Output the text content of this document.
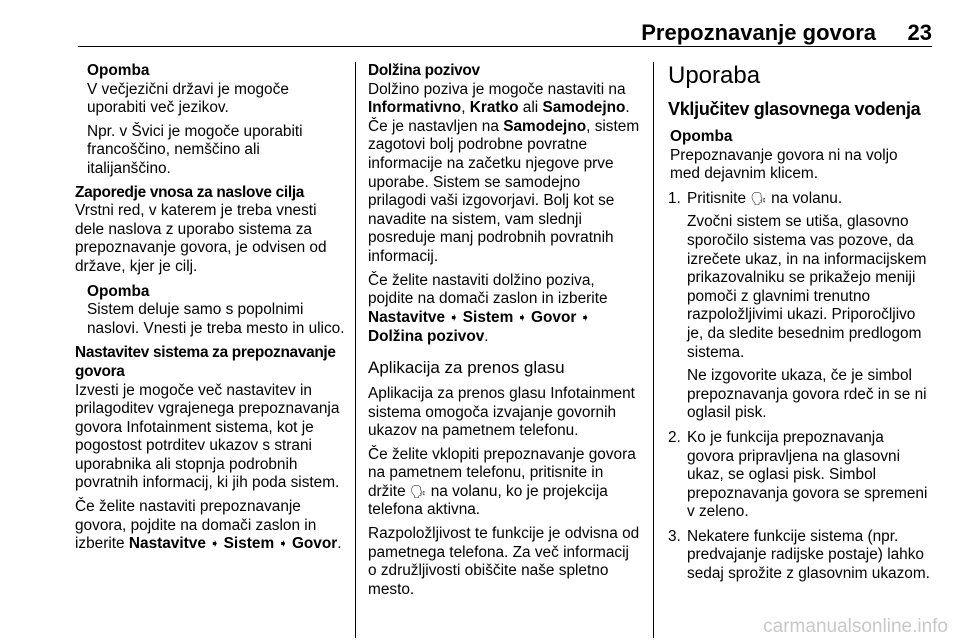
Prepoznavanje govora 23
Opomba

V večjezični državi je mogoče uporabiti več jezikov.

Npr. v Švici je mogoče uporabiti francoščino, nemščino ali italijanščino.

Zaporedje vnosa za naslove cilja

Vrstni red, v katerem je treba vnesti dele naslova z uporabo sistema za prepoznavanje govora, je odvisen od države, kjer je cilj.

Opomba

Sistem deluje samo s popolnimi naslovi. Vnesti je treba mesto in ulico.

Nastavitev sistema za prepoznavanje govora

Izvesti je mogoče več nastavitev in prilagoditev vgrajenega prepoznavanja govora Infotainment sistema, kot je pogostost potrditev ukazov s strani uporabnika ali stopnja podrobnih povratnih informacij, ki jih poda sistem.

Če želite nastaviti prepoznavanje govora, pojdite na domači zaslon in izberite Nastavitve ➧ Sistem ➧ Govor.

Dolžina pozivov

Dolžino poziva je mogoče nastaviti na Informativno, Kratko ali Samodejno. Če je nastavljen na Samodejno, sistem zagotovi bolj podrobne povratne informacije na začetku njegove prve uporabe. Sistem se samodejno prilagodi vaši izgovorjavi. Bolj kot se navadite na sistem, vam slednji posreduje manj podrobnih povratnih informacij.

Če želite nastaviti dolžino poziva, pojdite na domači zaslon in izberite Nastavitve ➧ Sistem ➧ Govor ➧ Dolžina pozivov.

Aplikacija za prenos glasu

Aplikacija za prenos glasu Infotainment sistema omogoča izvajanje govornih ukazov na pametnem telefonu.

Če želite vklopiti prepoznavanje govora na pametnem telefonu, pritisnite in držite 🗣 na volanu, ko je projekcija telefona aktivna.

Razpoložljivost te funkcije je odvisna od pametnega telefona. Za več informacij o združljivosti obiščite naše spletno mesto.

Uporaba
Vključitev glasovnega vodenja
Opomba

Prepoznavanje govora ni na voljo med dejavnim klicem.

1. Pritisnite 🗣 na volanu.

Zvočni sistem se utiša, glasovno sporočilo sistema vas pozove, da izrečete ukaz, in na informacijskem prikazovalniku se prikažejo meniji pomoči z glavnimi trenutno razpoložljivimi ukazi. Priporočljivo je, da sledite besednim predlogom sistema.

Ne izgovorite ukaza, če je simbol prepoznavanja govora rdeč in se ni oglasil pisk.

2. Ko je funkcija prepoznavanja govora pripravljena na glasovni ukaz, se oglasi pisk. Simbol prepoznavanja govora se spremeni v zeleno.

3. Nekatere funkcije sistema (npr. predvajanje radijske postaje) lahko sedaj sprožite z glasovnim ukazom.

carmanualsonline.info
